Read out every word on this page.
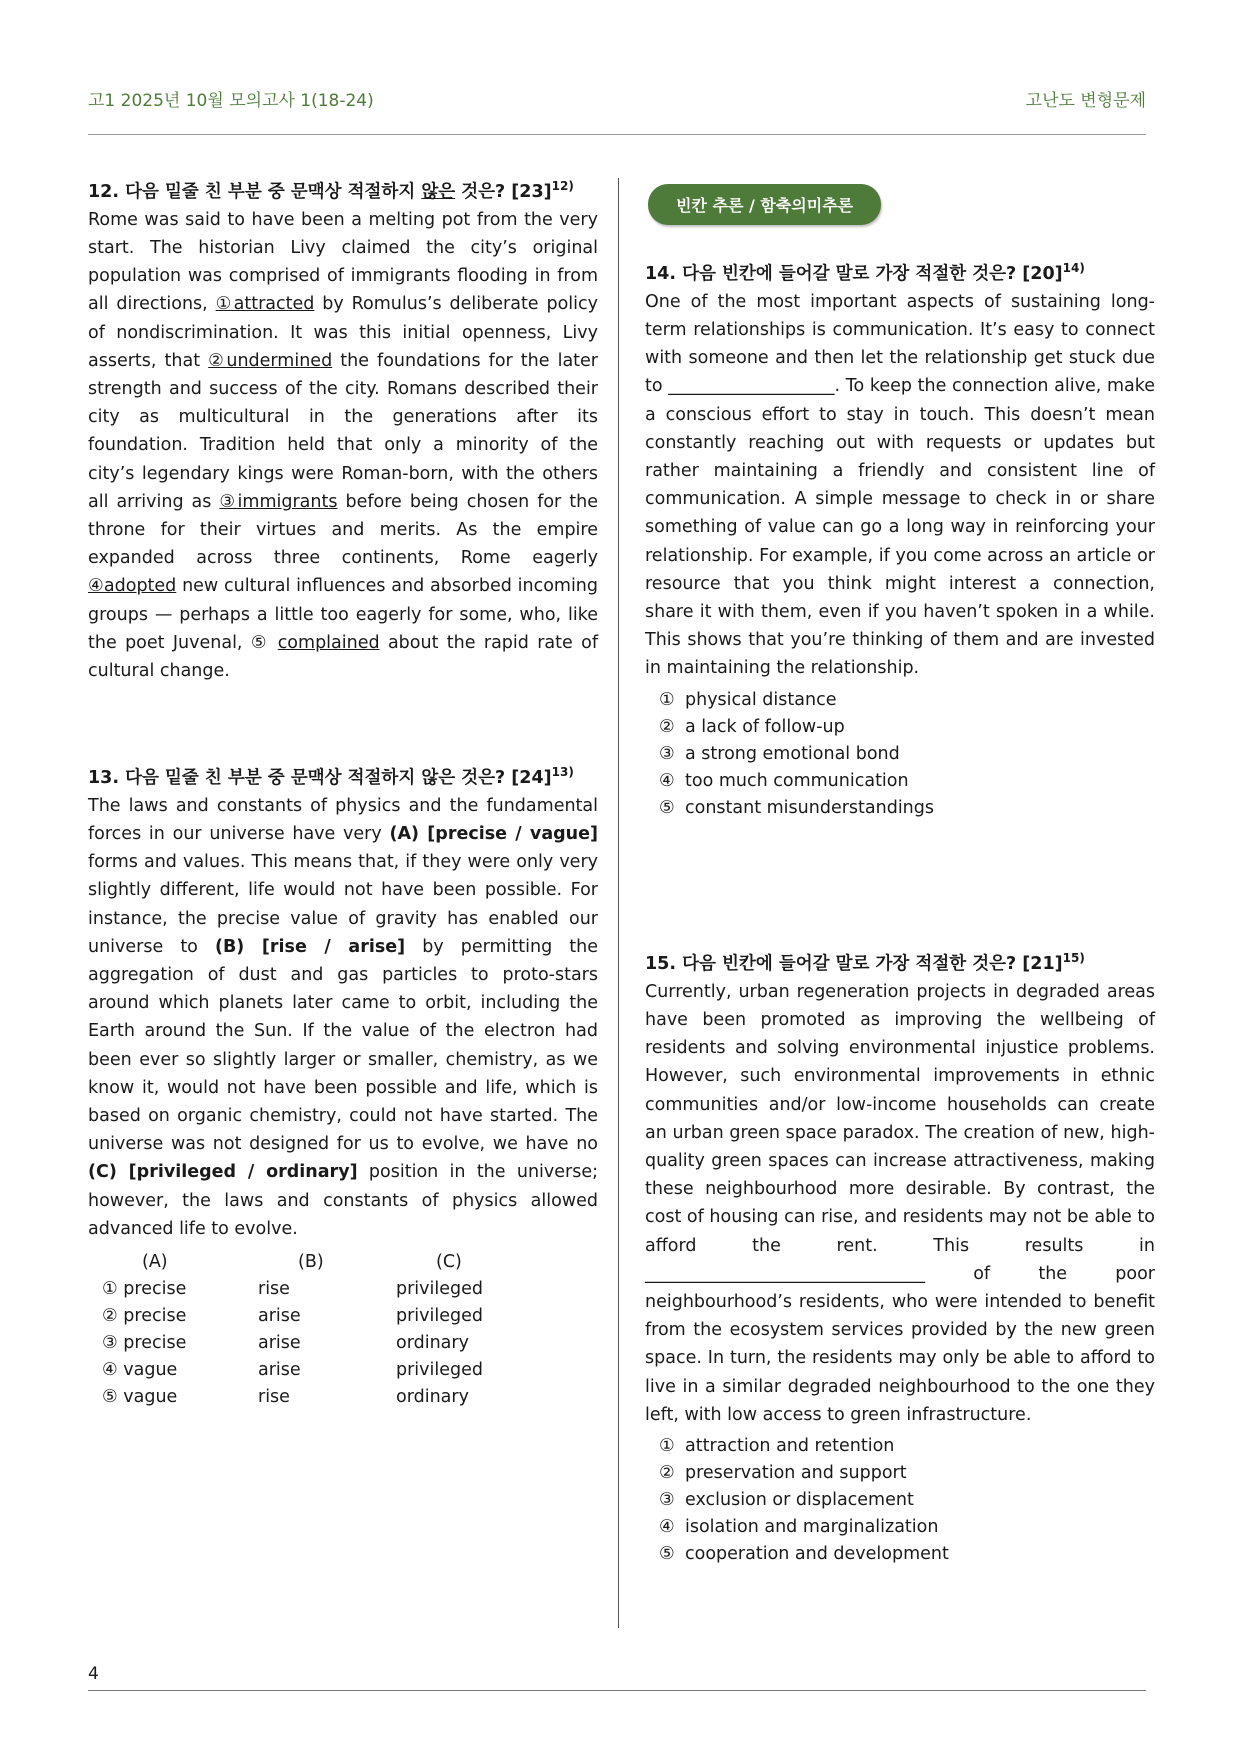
고1 2025년 10월 모의고사 1(18-24)	고난도 변형문제
12. 다음 밑줄 친 부분 중 문맥상 적절하지 않은 것은? $[23]^{12)}$

Rome was said to have been a melting pot from the very start. The historian Livy claimed the city’s original population was comprised of immigrants flooding in from all directions, ①attracted by Romulus’s deliberate policy of nondiscrimination. It was this initial openness, Livy asserts, that ②undermined the foundations for the later strength and success of the city. Romans described their city as multicultural in the generations after its foundation. Tradition held that only a minority of the city’s legendary kings were Roman‐born, with the others all arriving as ③immigrants before being chosen for the throne for their virtues and merits. As the empire expanded across three continents, Rome eagerly ④adopted new cultural influences and absorbed incoming groups — perhaps a little too eagerly for some, who, like the poet Juvenal, ⑤ complained about the rapid rate of cultural change.

13. 다음 밑줄 친 부분 중 문맥상 적절하지 않은 것은? $[24]^{13)}$

The laws and constants of physics and the fundamental forces in our universe have very (A) [precise / vague] forms and values. This means that, if they were only very slightly different, life would not have been possible. For instance, the precise value of gravity has enabled our universe to (B) [rise / arise] by permitting the aggregation of dust and gas particles to proto‐stars around which planets later came to orbit, including the Earth around the Sun. If the value of the electron had been ever so slightly larger or smaller, chemistry, as we know it, would not have been possible and life, which is based on organic chemistry, could not have started. The universe was not designed for us to evolve, we have no (C) [privileged / ordinary] position in the universe; however, the laws and constants of physics allowed advanced life to evolve.

(A)	(B)	(C)
① precise	rise	privileged
② precise	arise	privileged
③ precise	arise	ordinary
④ vague	arise	privileged
⑤ vague	rise	ordinary
빈칸 추론 / 함축의미추론
14. 다음 빈칸에 들어갈 말로 가장 적절한 것은? $[20]^{14)}$

One of the most important aspects of sustaining long‐term relationships is communication. It’s easy to connect with someone and then let the relationship get stuck due to ___________________. To keep the connection alive, make a conscious effort to stay in touch. This doesn’t mean constantly reaching out with requests or updates but rather maintaining a friendly and consistent line of communication. A simple message to check in or share something of value can go a long way in reinforcing your relationship. For example, if you come across an article or resource that you think might interest a connection, share it with them, even if you haven’t spoken in a while. This shows that you’re thinking of them and are invested in maintaining the relationship.

① physical distance
② a lack of follow-up
③ a strong emotional bond
④ too much communication
⑤ constant misunderstandings
15. 다음 빈칸에 들어갈 말로 가장 적절한 것은? $[21]^{15)}$

Currently, urban regeneration projects in degraded areas have been promoted as improving the wellbeing of residents and solving environmental injustice problems. However, such environmental improvements in ethnic communities and/or low‐income households can create an urban green space paradox. The creation of new, high‐quality green spaces can increase attractiveness, making these neighbourhood more desirable. By contrast, the cost of housing can rise, and residents may not be able to afford the rent. This results in ________________________________ of the poor neighbourhood’s residents, who were intended to benefit from the ecosystem services provided by the new green space. In turn, the residents may only be able to afford to live in a similar degraded neighbourhood to the one they left, with low access to green infrastructure.

① attraction and retention
② preservation and support
③ exclusion or displacement
④ isolation and marginalization
⑤ cooperation and development
4
